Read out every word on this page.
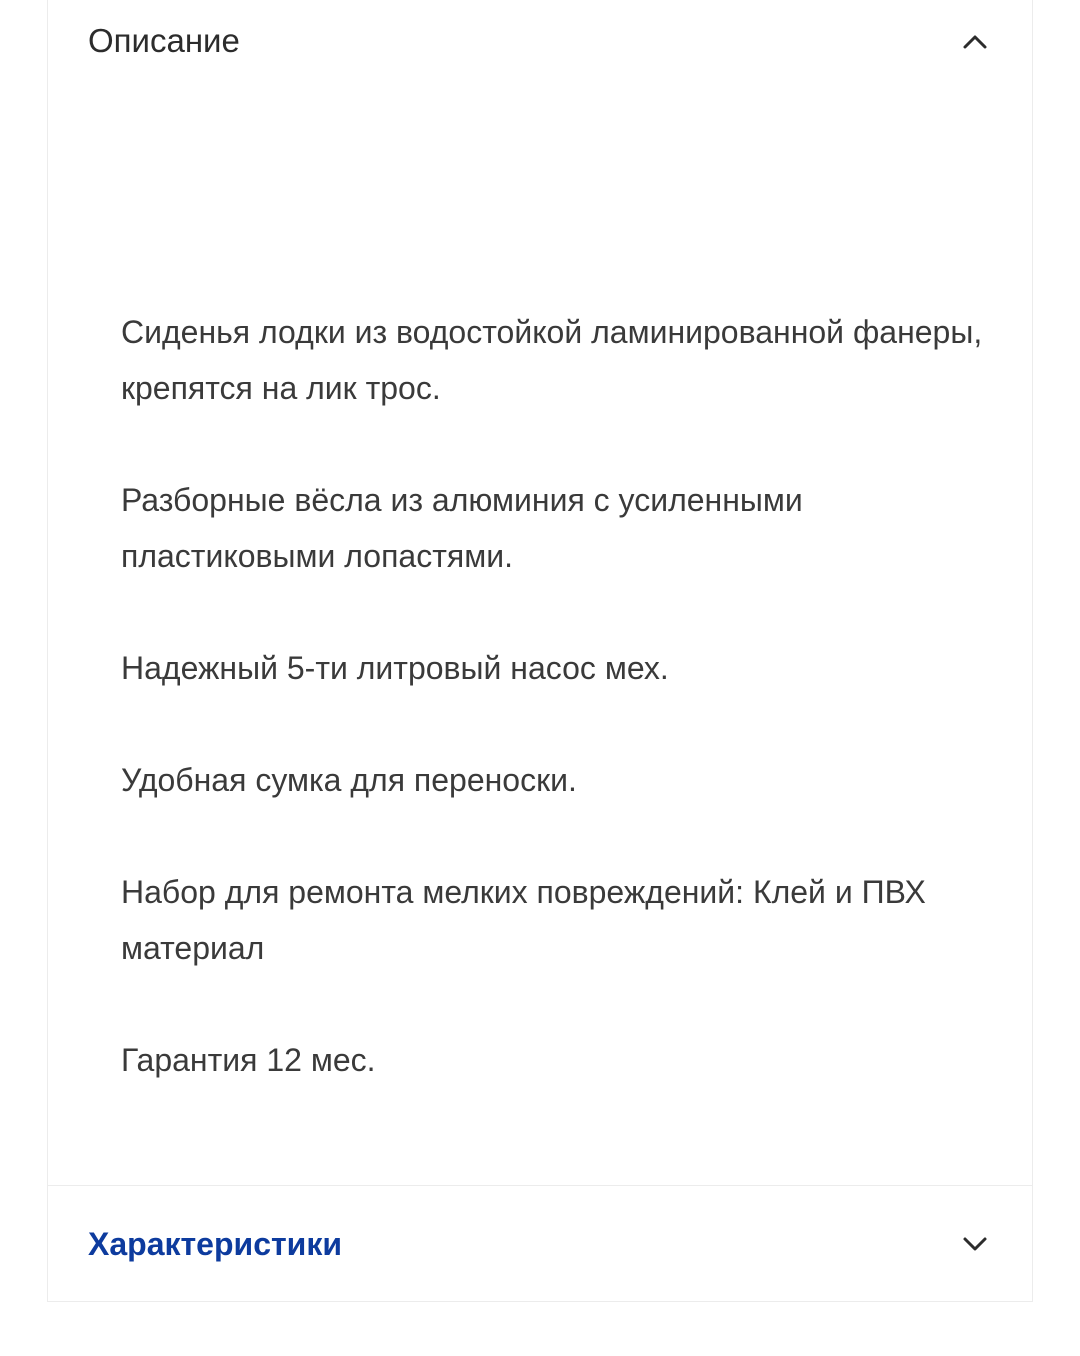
Описание

Сиденья лодки из водостойкой ламинированной фанеры, крепятся на лик трос.

Разборные вёсла из алюминия с усиленными пластиковыми лопастями.

Надежный 5-ти литровый насос мех.

Удобная сумка для переноски.

Набор для ремонта мелких повреждений: Клей и ПВХ материал

Гарантия 12 мес.

Характеристики
